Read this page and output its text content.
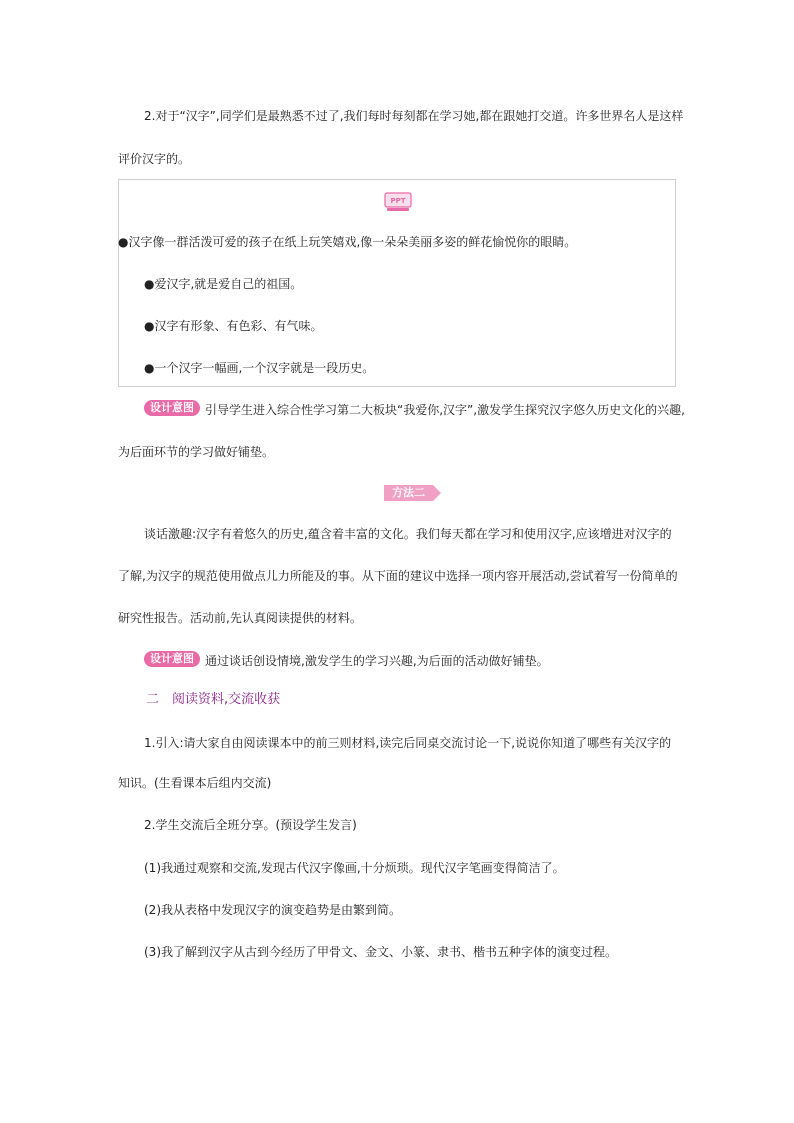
2.对于“汉字”,同学们是最熟悉不过了,我们每时每刻都在学习她,都在跟她打交道。许多世界名人是这样
评价汉字的。
PPT
●汉字像一群活泼可爱的孩子在纸上玩笑嬉戏,像一朵朵美丽多姿的鲜花愉悦你的眼睛。
●爱汉字,就是爱自己的祖国。
●汉字有形象、有色彩、有气味。
●一个汉字一幅画,一个汉字就是一段历史。
设计意图 引导学生进入综合性学习第二大板块“我爱你,汉字”,激发学生探究汉字悠久历史文化的兴趣,
为后面环节的学习做好铺垫。
方法二
谈话激趣:汉字有着悠久的历史,蕴含着丰富的文化。我们每天都在学习和使用汉字,应该增进对汉字的
了解,为汉字的规范使用做点儿力所能及的事。从下面的建议中选择一项内容开展活动,尝试着写一份简单的
研究性报告。活动前,先认真阅读提供的材料。
设计意图 通过谈话创设情境,激发学生的学习兴趣,为后面的活动做好铺垫。
二　阅读资料,交流收获
1.引入:请大家自由阅读课本中的前三则材料,读完后同桌交流讨论一下,说说你知道了哪些有关汉字的
知识。(生看课本后组内交流)
2.学生交流后全班分享。(预设学生发言)
(1)我通过观察和交流,发现古代汉字像画,十分烦琐。现代汉字笔画变得简洁了。
(2)我从表格中发现汉字的演变趋势是由繁到简。
(3)我了解到汉字从古到今经历了甲骨文、金文、小篆、隶书、楷书五种字体的演变过程。
